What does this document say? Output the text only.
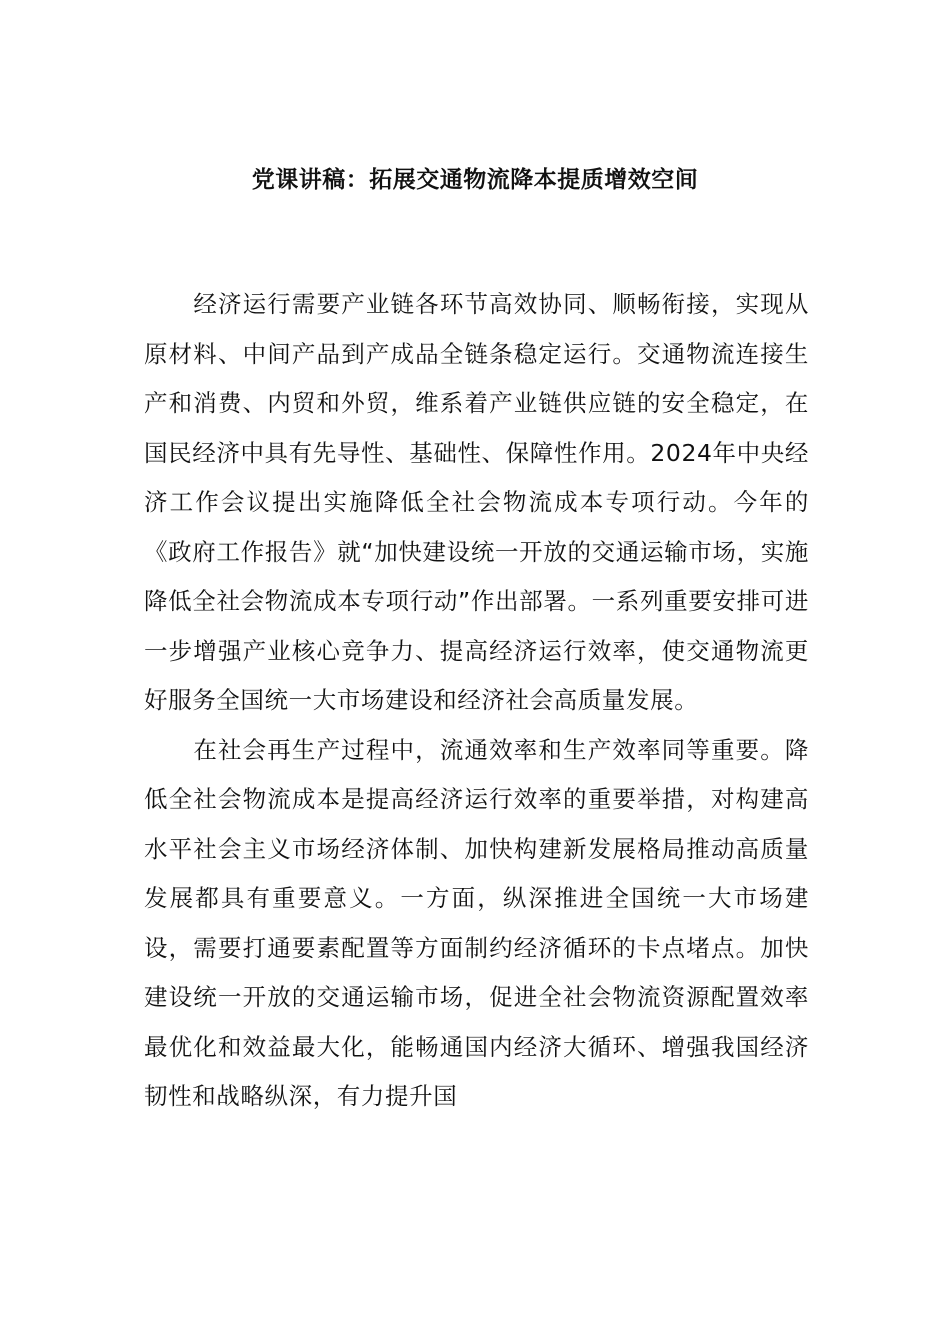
党课讲稿：拓展交通物流降本提质增效空间

经济运行需要产业链各环节高效协同、顺畅衔接，实现从原材料、中间产品到产成品全链条稳定运行。交通物流连接生产和消费、内贸和外贸，维系着产业链供应链的安全稳定，在国民经济中具有先导性、基础性、保障性作用。2024年中央经济工作会议提出实施降低全社会物流成本专项行动。今年的《政府工作报告》就“加快建设统一开放的交通运输市场，实施降低全社会物流成本专项行动”作出部署。一系列重要安排可进一步增强产业核心竞争力、提高经济运行效率，使交通物流更好服务全国统一大市场建设和经济社会高质量发展。

在社会再生产过程中，流通效率和生产效率同等重要。降低全社会物流成本是提高经济运行效率的重要举措，对构建高水平社会主义市场经济体制、加快构建新发展格局推动高质量发展都具有重要意义。一方面，纵深推进全国统一大市场建设，需要打通要素配置等方面制约经济循环的卡点堵点。加快建设统一开放的交通运输市场，促进全社会物流资源配置效率最优化和效益最大化，能畅通国内经济大循环、增强我国经济韧性和战略纵深，有力提升国
